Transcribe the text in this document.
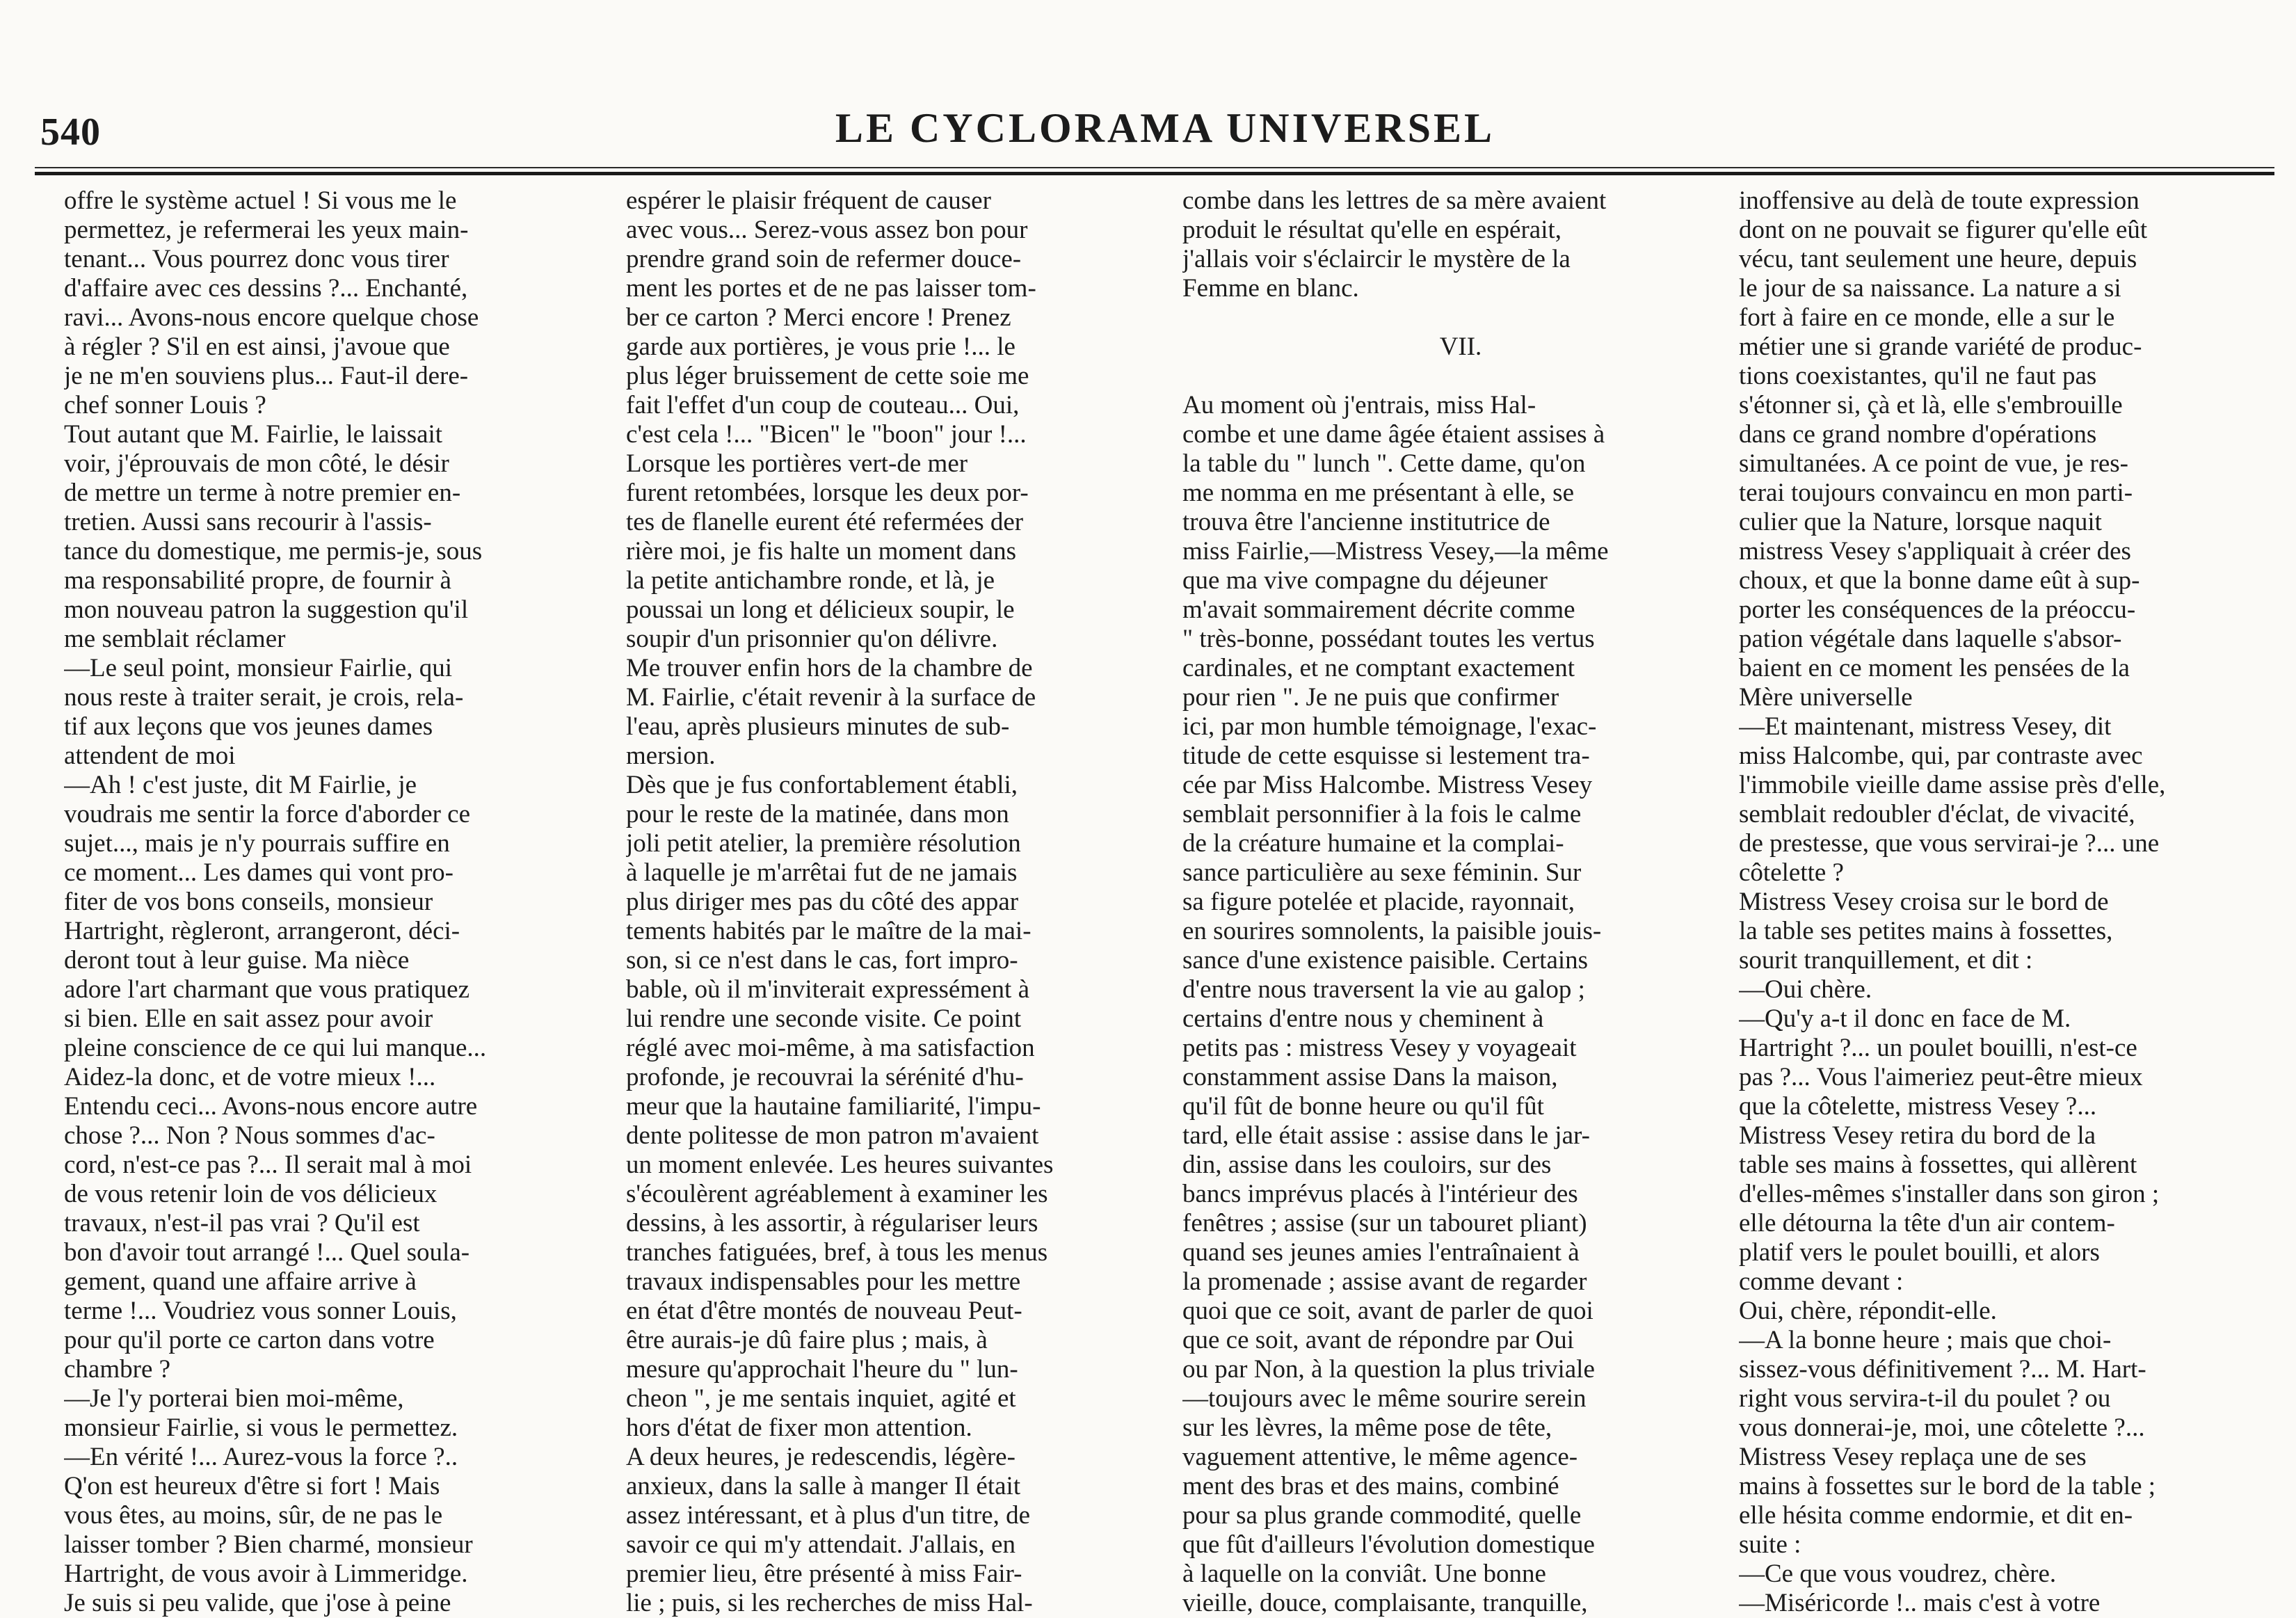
540	LE CYCLORAMA UNIVERSEL
offre le système actuel ! Si vous me le
permettez, je refermerai les yeux main-
tenant... Vous pourrez donc vous tirer
d'affaire avec ces dessins ?... Enchanté,
ravi... Avons-nous encore quelque chose
à régler ? S'il en est ainsi, j'avoue que
je ne m'en souviens plus... Faut-il dere-
chef sonner Louis ?
Tout autant que M. Fairlie, le laissait
voir, j'éprouvais de mon côté, le désir
de mettre un terme à notre premier en-
tretien. Aussi sans recourir à l'assis-
tance du domestique, me permis-je, sous
ma responsabilité propre, de fournir à
mon nouveau patron la suggestion qu'il
me semblait réclamer
—Le seul point, monsieur Fairlie, qui
nous reste à traiter serait, je crois, rela-
tif aux leçons que vos jeunes dames
attendent de moi
—Ah ! c'est juste, dit M Fairlie, je
voudrais me sentir la force d'aborder ce
sujet..., mais je n'y pourrais suffire en
ce moment... Les dames qui vont pro-
fiter de vos bons conseils, monsieur
Hartright, règleront, arrangeront, déci-
deront tout à leur guise. Ma nièce
adore l'art charmant que vous pratiquez
si bien. Elle en sait assez pour avoir
pleine conscience de ce qui lui manque...
Aidez-la donc, et de votre mieux !...
Entendu ceci... Avons-nous encore autre
chose ?... Non ? Nous sommes d'ac-
cord, n'est-ce pas ?... Il serait mal à moi
de vous retenir loin de vos délicieux
travaux, n'est-il pas vrai ? Qu'il est
bon d'avoir tout arrangé !... Quel soula-
gement, quand une affaire arrive à
terme !... Voudriez vous sonner Louis,
pour qu'il porte ce carton dans votre
chambre ?
—Je l'y porterai bien moi-même,
monsieur Fairlie, si vous le permettez.
—En vérité !... Aurez-vous la force ?..
Q'on est heureux d'être si fort ! Mais
vous êtes, au moins, sûr, de ne pas le
laisser tomber ? Bien charmé, monsieur
Hartright, de vous avoir à Limmeridge.
Je suis si peu valide, que j'ose à peine
espérer le plaisir fréquent de causer
avec vous... Serez-vous assez bon pour
prendre grand soin de refermer douce-
ment les portes et de ne pas laisser tom-
ber ce carton ? Merci encore ! Prenez
garde aux portières, je vous prie !... le
plus léger bruissement de cette soie me
fait l'effet d'un coup de couteau... Oui,
c'est cela !... "Bicen" le "boon" jour !...
Lorsque les portières vert-de mer
furent retombées, lorsque les deux por-
tes de flanelle eurent été refermées der
rière moi, je fis halte un moment dans
la petite antichambre ronde, et là, je
poussai un long et délicieux soupir, le
soupir d'un prisonnier qu'on délivre.
Me trouver enfin hors de la chambre de
M. Fairlie, c'était revenir à la surface de
l'eau, après plusieurs minutes de sub-
mersion.
Dès que je fus confortablement établi,
pour le reste de la matinée, dans mon
joli petit atelier, la première résolution
à laquelle je m'arrêtai fut de ne jamais
plus diriger mes pas du côté des appar
tements habités par le maître de la mai-
son, si ce n'est dans le cas, fort impro-
bable, où il m'inviterait expressément à
lui rendre une seconde visite. Ce point
réglé avec moi-même, à ma satisfaction
profonde, je recouvrai la sérénité d'hu-
meur que la hautaine familiarité, l'impu-
dente politesse de mon patron m'avaient
un moment enlevée. Les heures suivantes
s'écoulèrent agréablement à examiner les
dessins, à les assortir, à régulariser leurs
tranches fatiguées, bref, à tous les menus
travaux indispensables pour les mettre
en état d'être montés de nouveau Peut-
être aurais-je dû faire plus ; mais, à
mesure qu'approchait l'heure du " lun-
cheon ", je me sentais inquiet, agité et
hors d'état de fixer mon attention.
A deux heures, je redescendis, légère-
anxieux, dans la salle à manger Il était
assez intéressant, et à plus d'un titre, de
savoir ce qui m'y attendait. J'allais, en
premier lieu, être présenté à miss Fair-
lie ; puis, si les recherches de miss Hal-
combe dans les lettres de sa mère avaient
produit le résultat qu'elle en espérait,
j'allais voir s'éclaircir le mystère de la
Femme en blanc.
VII.
Au moment où j'entrais, miss Hal-
combe et une dame âgée étaient assises à
la table du " lunch ". Cette dame, qu'on
me nomma en me présentant à elle, se
trouva être l'ancienne institutrice de
miss Fairlie,—Mistress Vesey,—la même
que ma vive compagne du déjeuner
m'avait sommairement décrite comme
" très-bonne, possédant toutes les vertus
cardinales, et ne comptant exactement
pour rien ". Je ne puis que confirmer
ici, par mon humble témoignage, l'exac-
titude de cette esquisse si lestement tra-
cée par Miss Halcombe. Mistress Vesey
semblait personnifier à la fois le calme
de la créature humaine et la complai-
sance particulière au sexe féminin. Sur
sa figure potelée et placide, rayonnait,
en sourires somnolents, la paisible jouis-
sance d'une existence paisible. Certains
d'entre nous traversent la vie au galop ;
certains d'entre nous y cheminent à
petits pas : mistress Vesey y voyageait
constamment assise Dans la maison,
qu'il fût de bonne heure ou qu'il fût
tard, elle était assise : assise dans le jar-
din, assise dans les couloirs, sur des
bancs imprévus placés à l'intérieur des
fenêtres ; assise (sur un tabouret pliant)
quand ses jeunes amies l'entraînaient à
la promenade ; assise avant de regarder
quoi que ce soit, avant de parler de quoi
que ce soit, avant de répondre par Oui
ou par Non, à la question la plus triviale
—toujours avec le même sourire serein
sur les lèvres, la même pose de tête,
vaguement attentive, le même agence-
ment des bras et des mains, combiné
pour sa plus grande commodité, quelle
que fût d'ailleurs l'évolution domestique
à laquelle on la conviât. Une bonne
vieille, douce, complaisante, tranquille,
inoffensive au delà de toute expression
dont on ne pouvait se figurer qu'elle eût
vécu, tant seulement une heure, depuis
le jour de sa naissance. La nature a si
fort à faire en ce monde, elle a sur le
métier une si grande variété de produc-
tions coexistantes, qu'il ne faut pas
s'étonner si, çà et là, elle s'embrouille
dans ce grand nombre d'opérations
simultanées. A ce point de vue, je res-
terai toujours convaincu en mon parti-
culier que la Nature, lorsque naquit
mistress Vesey s'appliquait à créer des
choux, et que la bonne dame eût à sup-
porter les conséquences de la préoccu-
pation végétale dans laquelle s'absor-
baient en ce moment les pensées de la
Mère universelle
—Et maintenant, mistress Vesey, dit
miss Halcombe, qui, par contraste avec
l'immobile vieille dame assise près d'elle,
semblait redoubler d'éclat, de vivacité,
de prestesse, que vous servirai-je ?... une
côtelette ?
Mistress Vesey croisa sur le bord de
la table ses petites mains à fossettes,
sourit tranquillement, et dit :
—Oui chère.
—Qu'y a-t il donc en face de M.
Hartright ?... un poulet bouilli, n'est-ce
pas ?... Vous l'aimeriez peut-être mieux
que la côtelette, mistress Vesey ?...
Mistress Vesey retira du bord de la
table ses mains à fossettes, qui allèrent
d'elles-mêmes s'installer dans son giron ;
elle détourna la tête d'un air contem-
platif vers le poulet bouilli, et alors
comme devant :
Oui, chère, répondit-elle.
—A la bonne heure ; mais que choi-
sissez-vous définitivement ?... M. Hart-
right vous servira-t-il du poulet ? ou
vous donnerai-je, moi, une côtelette ?...
Mistress Vesey replaça une de ses
mains à fossettes sur le bord de la table ;
elle hésita comme endormie, et dit en-
suite :
—Ce que vous voudrez, chère.
—Miséricorde !.. mais c'est à votre
